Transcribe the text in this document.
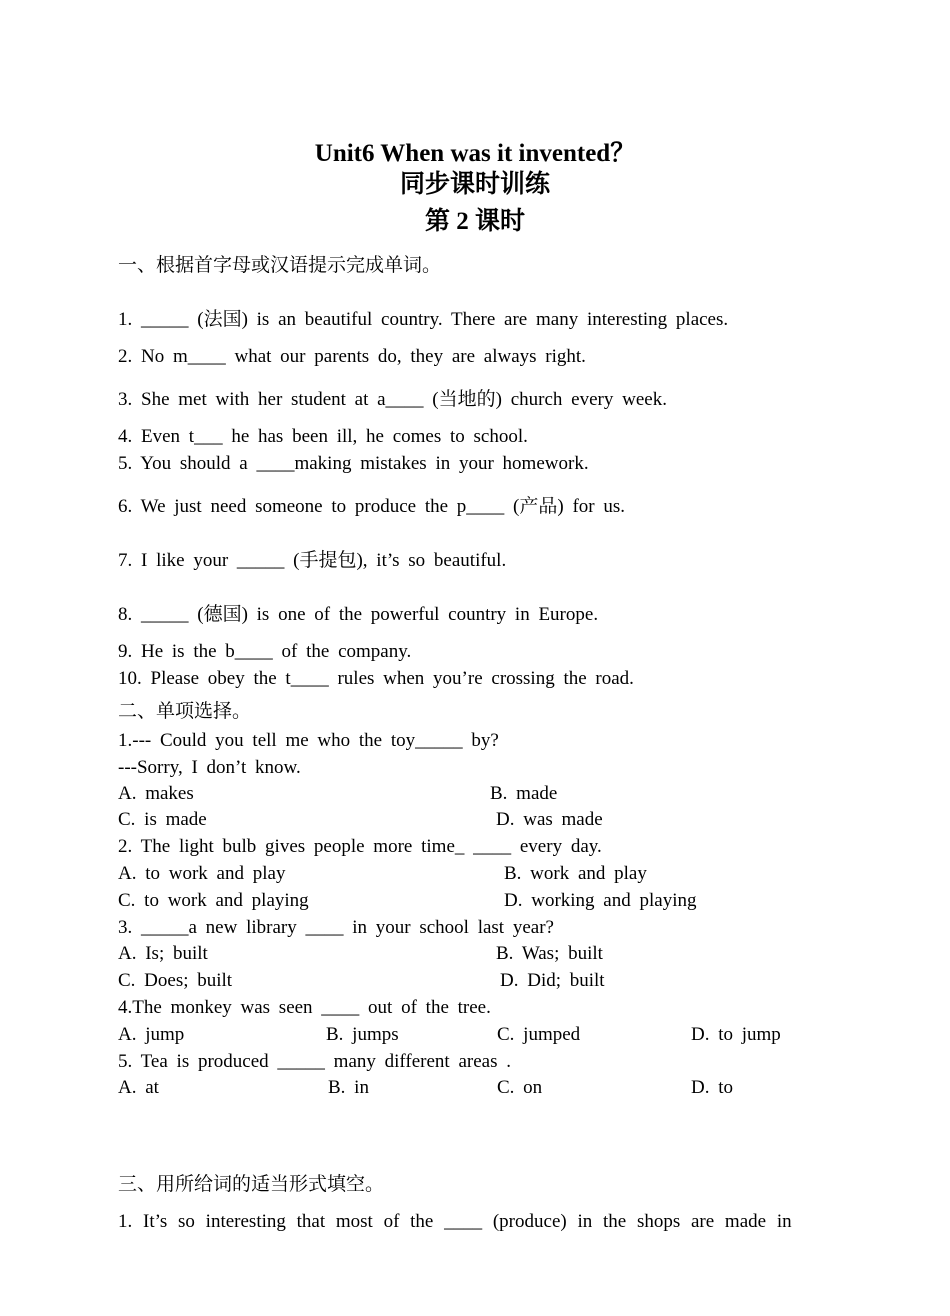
Unit6 When was it invented？
同步课时训练
第 2 课时
一、根据首字母或汉语提示完成单词。
1. _____ (法国) is an beautiful country. There are many interesting places.
2. No m____ what our parents do, they are always right.
3. She met with her student at a____ (当地的) church every week.
4. Even t___ he has been ill, he comes to school.
5. You should a ____making mistakes in your homework.
6. We just need someone to produce the p____ (产品) for us.
7. I like your _____ (手提包), it’s so beautiful.
8. _____ (德国) is one of the powerful country in Europe.
9. He is the b____ of the company.
10. Please obey the t____ rules when you’re crossing the road.
二、单项选择。
1.--- Could you tell me who the toy_____ by?
---Sorry, I don’t know.
A. makes	B. made
C. is made	D. was made
2. The light bulb gives people more time_ ____ every day.
A. to work and play	B. work and play
C. to work and playing	D. working and playing
3. _____a new library ____ in your school last year?
A. Is; built	B. Was; built
C. Does; built	D. Did; built
4.The monkey was seen ____ out of the tree.
A. jump	B. jumps	C. jumped	D. to jump
5. Tea is produced _____ many different areas .
A. at	B. in	C. on	D. to
三、用所给词的适当形式填空。
1. It’s so interesting that most of the ____ (produce) in the shops are made in
